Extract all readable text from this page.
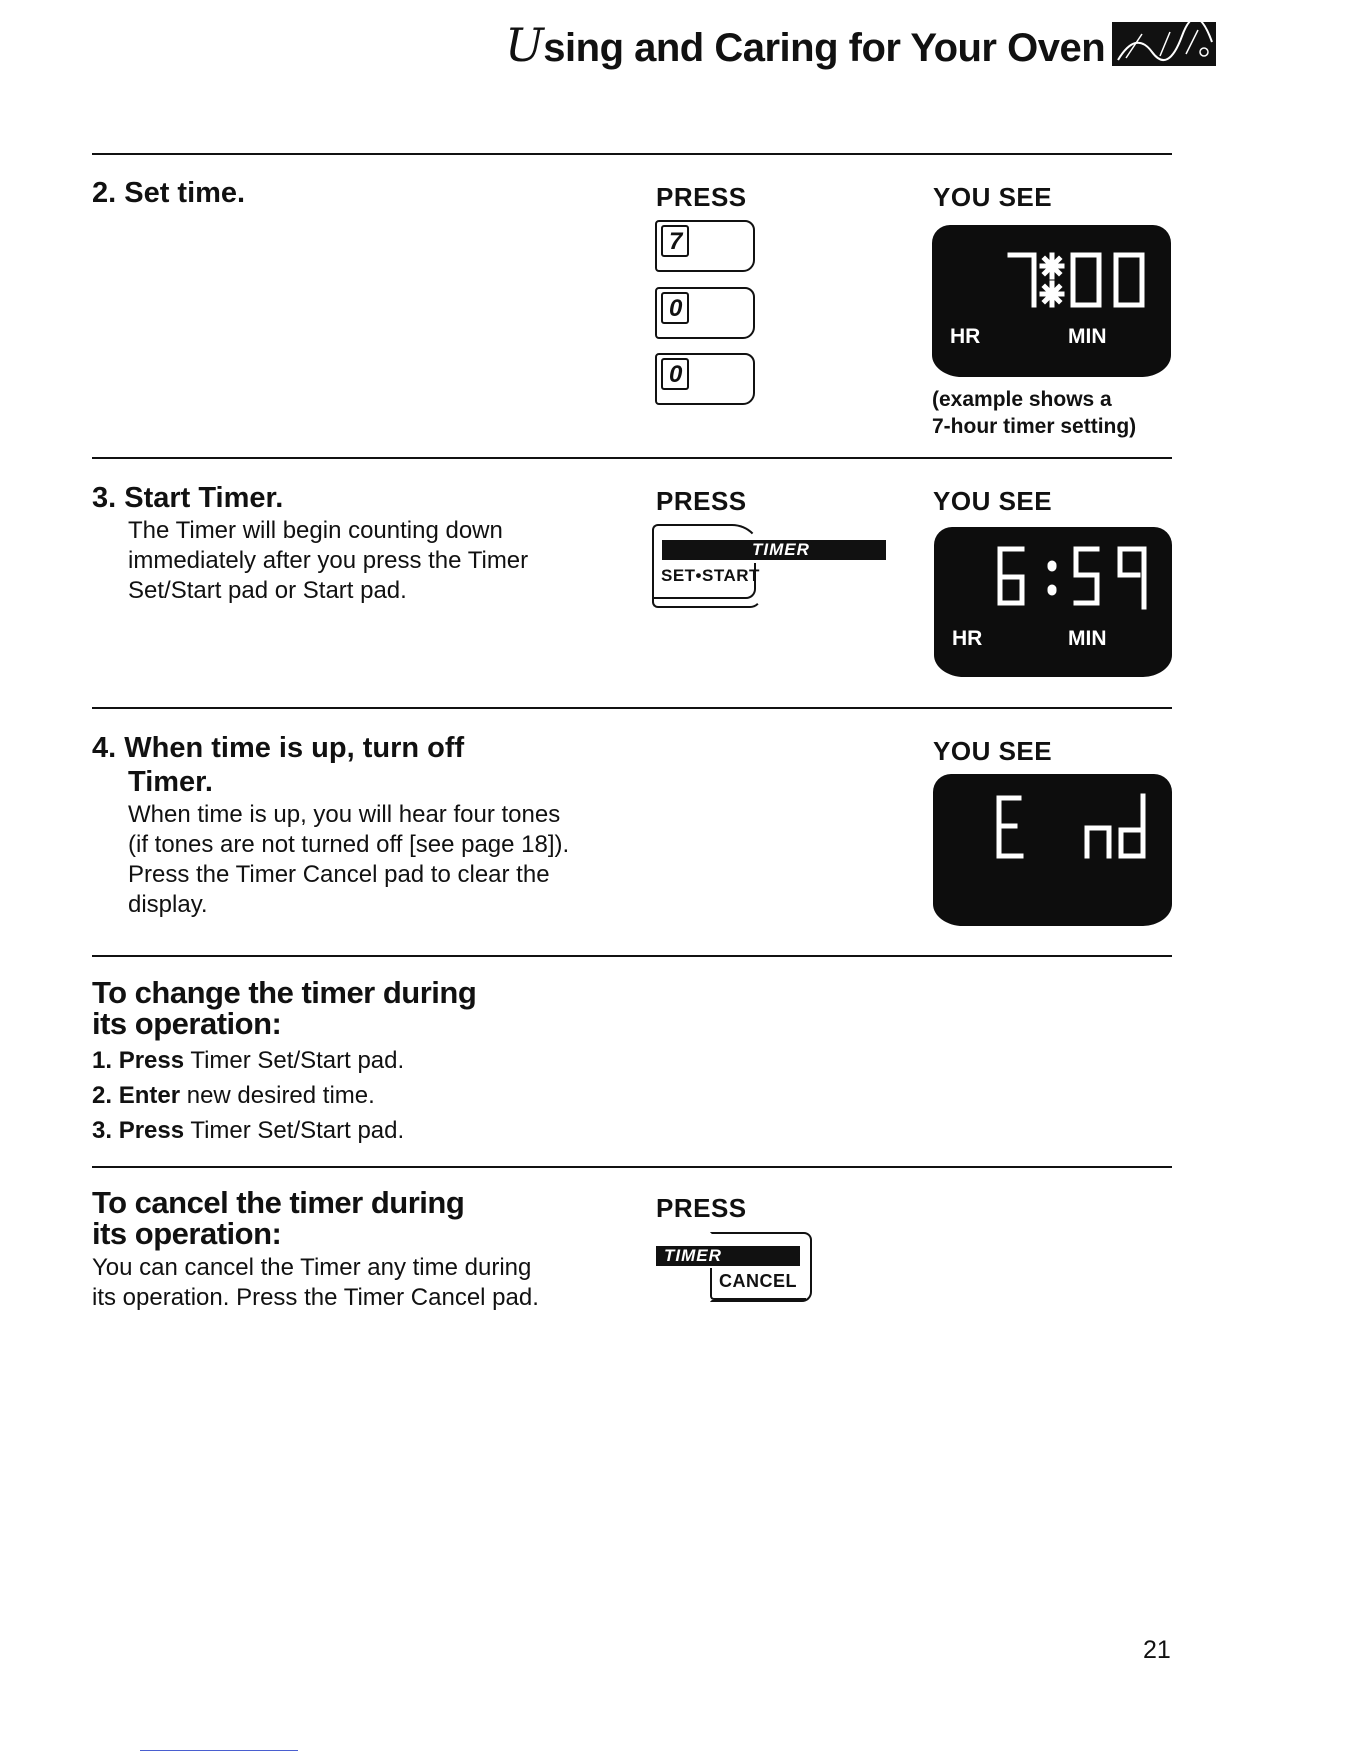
Using and Caring for Your Oven
2. Set time.	PRESS	YOU SEE
7
0
0
HR	MIN
(example shows a
7-hour timer setting)
3. Start Timer.
The Timer will begin counting down
immediately after you press the Timer
Set/Start pad or Start pad.
PRESS	YOU SEE
TIMER
SET•START
HR	MIN
4. When time is up, turn off
Timer.
When time is up, you will hear four tones
(if tones are not turned off [see page 18]).
Press the Timer Cancel pad to clear the
display.
YOU SEE
To change the timer during
its operation:
1. Press Timer Set/Start pad.
2. Enter new desired time.
3. Press Timer Set/Start pad.
To cancel the timer during
its operation:
You can cancel the Timer any time during
its operation. Press the Timer Cancel pad.
PRESS
TIMER
CANCEL
21
